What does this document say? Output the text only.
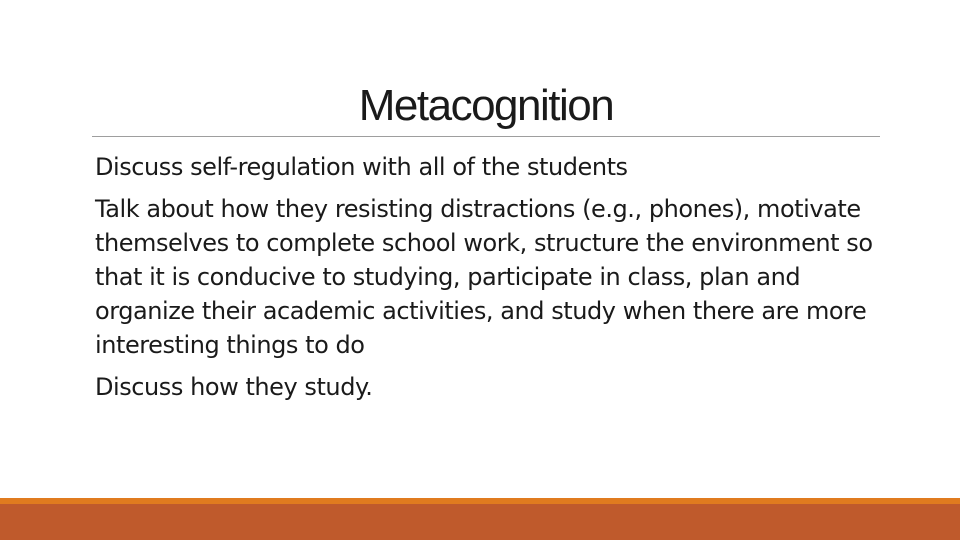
Metacognition

Discuss self-regulation with all of the students

Talk about how they resisting distractions (e.g., phones), motivate themselves to complete school work, structure the environment so that it is conducive to studying, participate in class, plan and organize their academic activities, and study when there are more interesting things to do

Discuss how they study.
